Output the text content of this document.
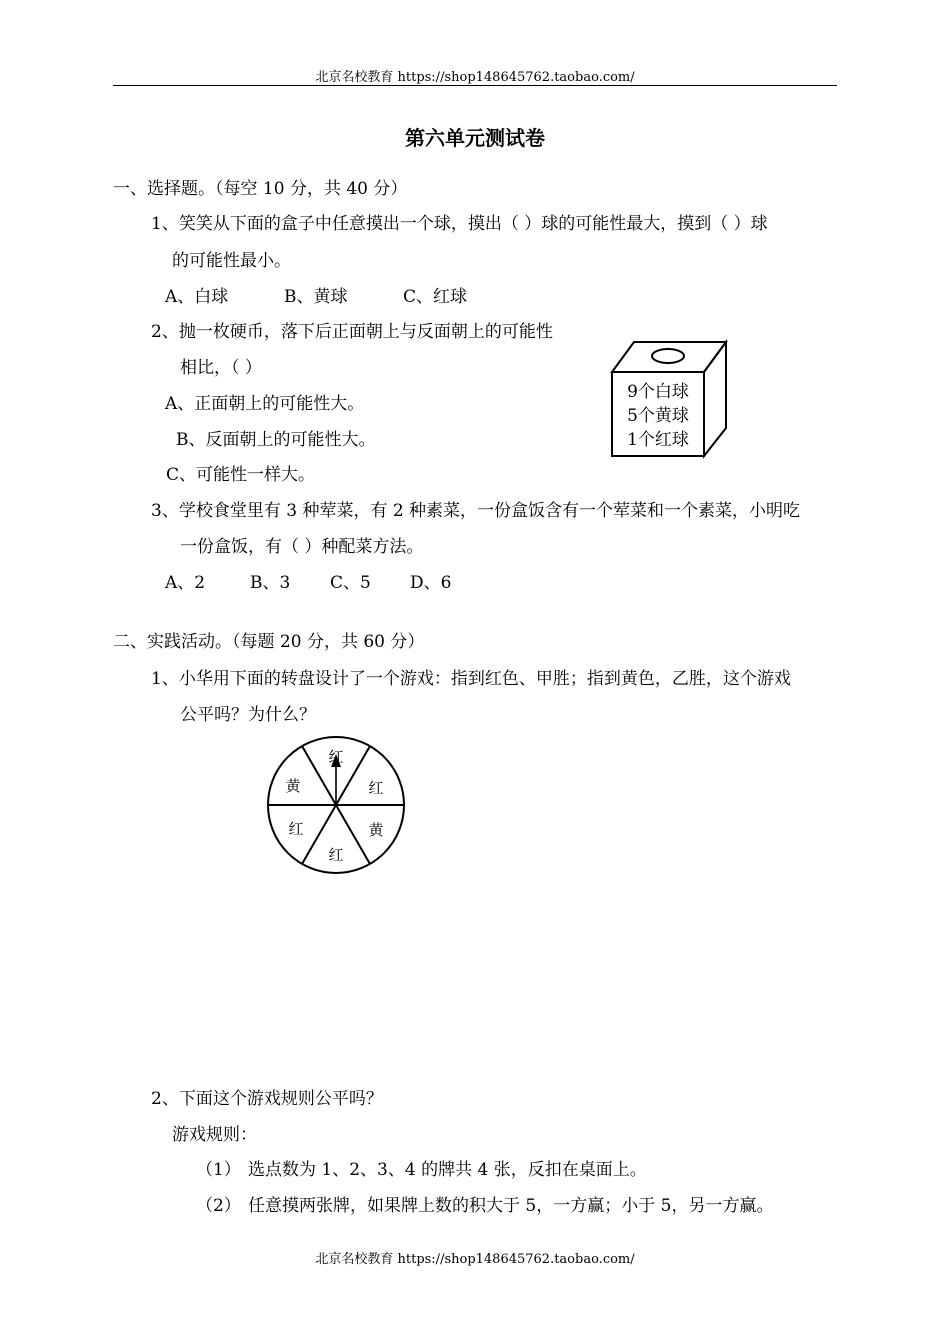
北京名校教育 https://shop148645762.taobao.com/
第六单元测试卷
一、选择题。（每空 10 分，共 40 分）
1、笑笑从下面的盒子中任意摸出一个球，摸出（ ）球的可能性最大，摸到（ ）球
的可能性最小。
A、白球	B、黄球	C、红球
2、抛一枚硬币，落下后正面朝上与反面朝上的可能性
相比，（ ）
A、正面朝上的可能性大。
B、反面朝上的可能性大。
C、可能性一样大。
9个白球
5个黄球
1个红球
3、学校食堂里有 3 种荤菜，有 2 种素菜，一份盒饭含有一个荤菜和一个素菜，小明吃
一份盒饭，有（ ）种配菜方法。
A、2	B、3 C、5 D、6
二、实践活动。（每题 20 分，共 60 分）
1、小华用下面的转盘设计了一个游戏：指到红色、甲胜；指到黄色，乙胜，这个游戏
公平吗？为什么？
红
红
黄
红
红
黄
2、下面这个游戏规则公平吗？
游戏规则：
（1） 选点数为 1、2、3、4 的牌共 4 张，反扣在桌面上。
（2） 任意摸两张牌，如果牌上数的积大于 5，一方赢；小于 5，另一方赢。
北京名校教育 https://shop148645762.taobao.com/
